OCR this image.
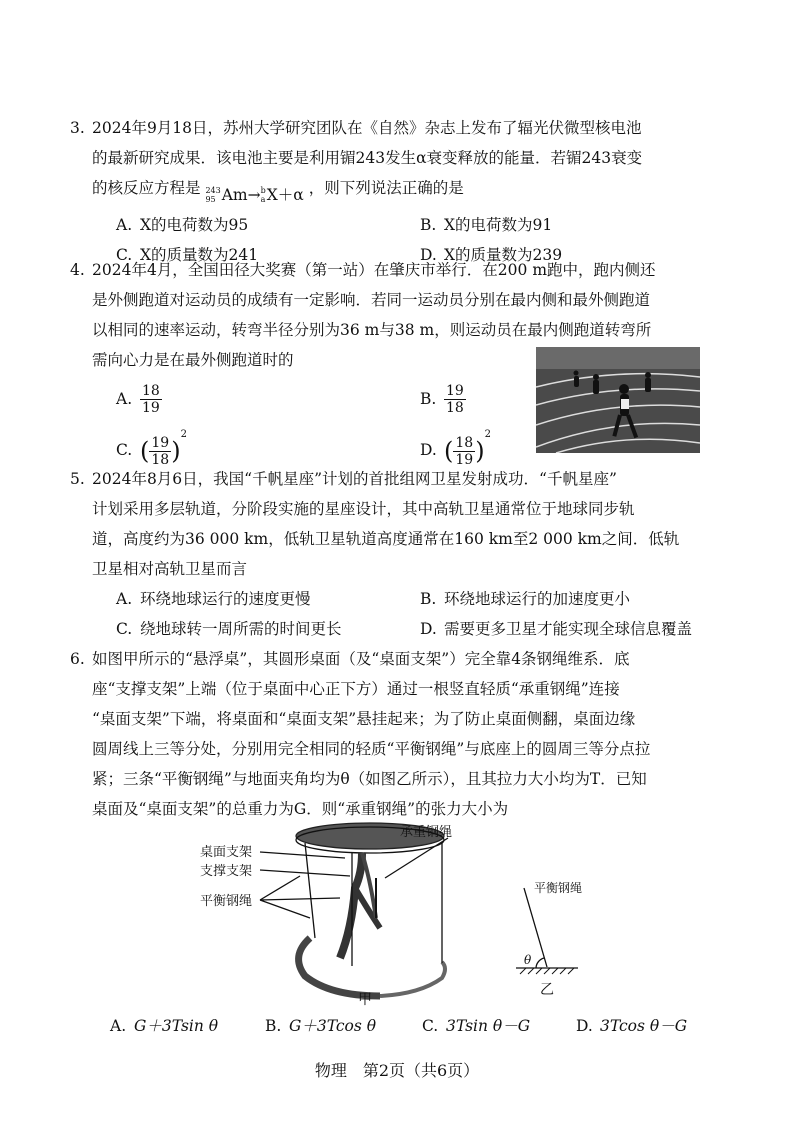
3. 2024年9月18日，苏州大学研究团队在《自然》杂志上发布了辐光伏微型核电池

的最新研究成果．该电池主要是利用镅243发生α衰变释放的能量．若镅243衰变

的核反应方程是 243
95 Am → b
a X＋α ，则下列说法正确的是

A. X的电荷数为95	B. X的电荷数为91
C. X的质量数为241	D. X的质量数为239
4. 2024年4月，全国田径大奖赛（第一站）在肇庆市举行．在200 m跑中，跑内侧还

是外侧跑道对运动员的成绩有一定影响．若同一运动员分别在最内侧和最外侧跑道

以相同的速率运动，转弯半径分别为36 m与38 m，则运动员在最内侧跑道转弯所

需向心力是在最外侧跑道时的

A. $\frac{18}{19}$	B. $\frac{19}{18}$
C. ( $\frac{19}{18} )^2$
D. ( $\frac{18}{19} )^2$
5. 2024年8月6日，我国“千帆星座”计划的首批组网卫星发射成功．“千帆星座”

计划采用多层轨道，分阶段实施的星座设计，其中高轨卫星通常位于地球同步轨

道，高度约为36 000 km，低轨卫星轨道高度通常在160 km至2 000 km之间．低轨

卫星相对高轨卫星而言

A. 环绕地球运行的速度更慢	B. 环绕地球运行的加速度更小
C. 绕地球转一周所需的时间更长	D. 需要更多卫星才能实现全球信息覆盖
6. 如图甲所示的“悬浮桌”，其圆形桌面（及“桌面支架”）完全靠4条钢绳维系．底

座“支撑支架”上端（位于桌面中心正下方）通过一根竖直轻质“承重钢绳”连接

“桌面支架”下端，将桌面和“桌面支架”悬挂起来；为了防止桌面侧翻，桌面边缘

圆周线上三等分处，分别用完全相同的轻质“平衡钢绳”与底座上的圆周三等分点拉

紧；三条“平衡钢绳”与地面夹角均为θ（如图乙所示），且其拉力大小均为T．已知

桌面及“桌面支架”的总重力为G．则“承重钢绳”的张力大小为

桌面支架
支撑支架
平衡钢绳
承重钢绳
甲
θ
平衡钢绳
乙
A. G＋3Tsin θ	B. G＋3Tcos θ	C. 3Tsin θ－G	D. 3Tcos θ－G
物理　第2页（共6页）
